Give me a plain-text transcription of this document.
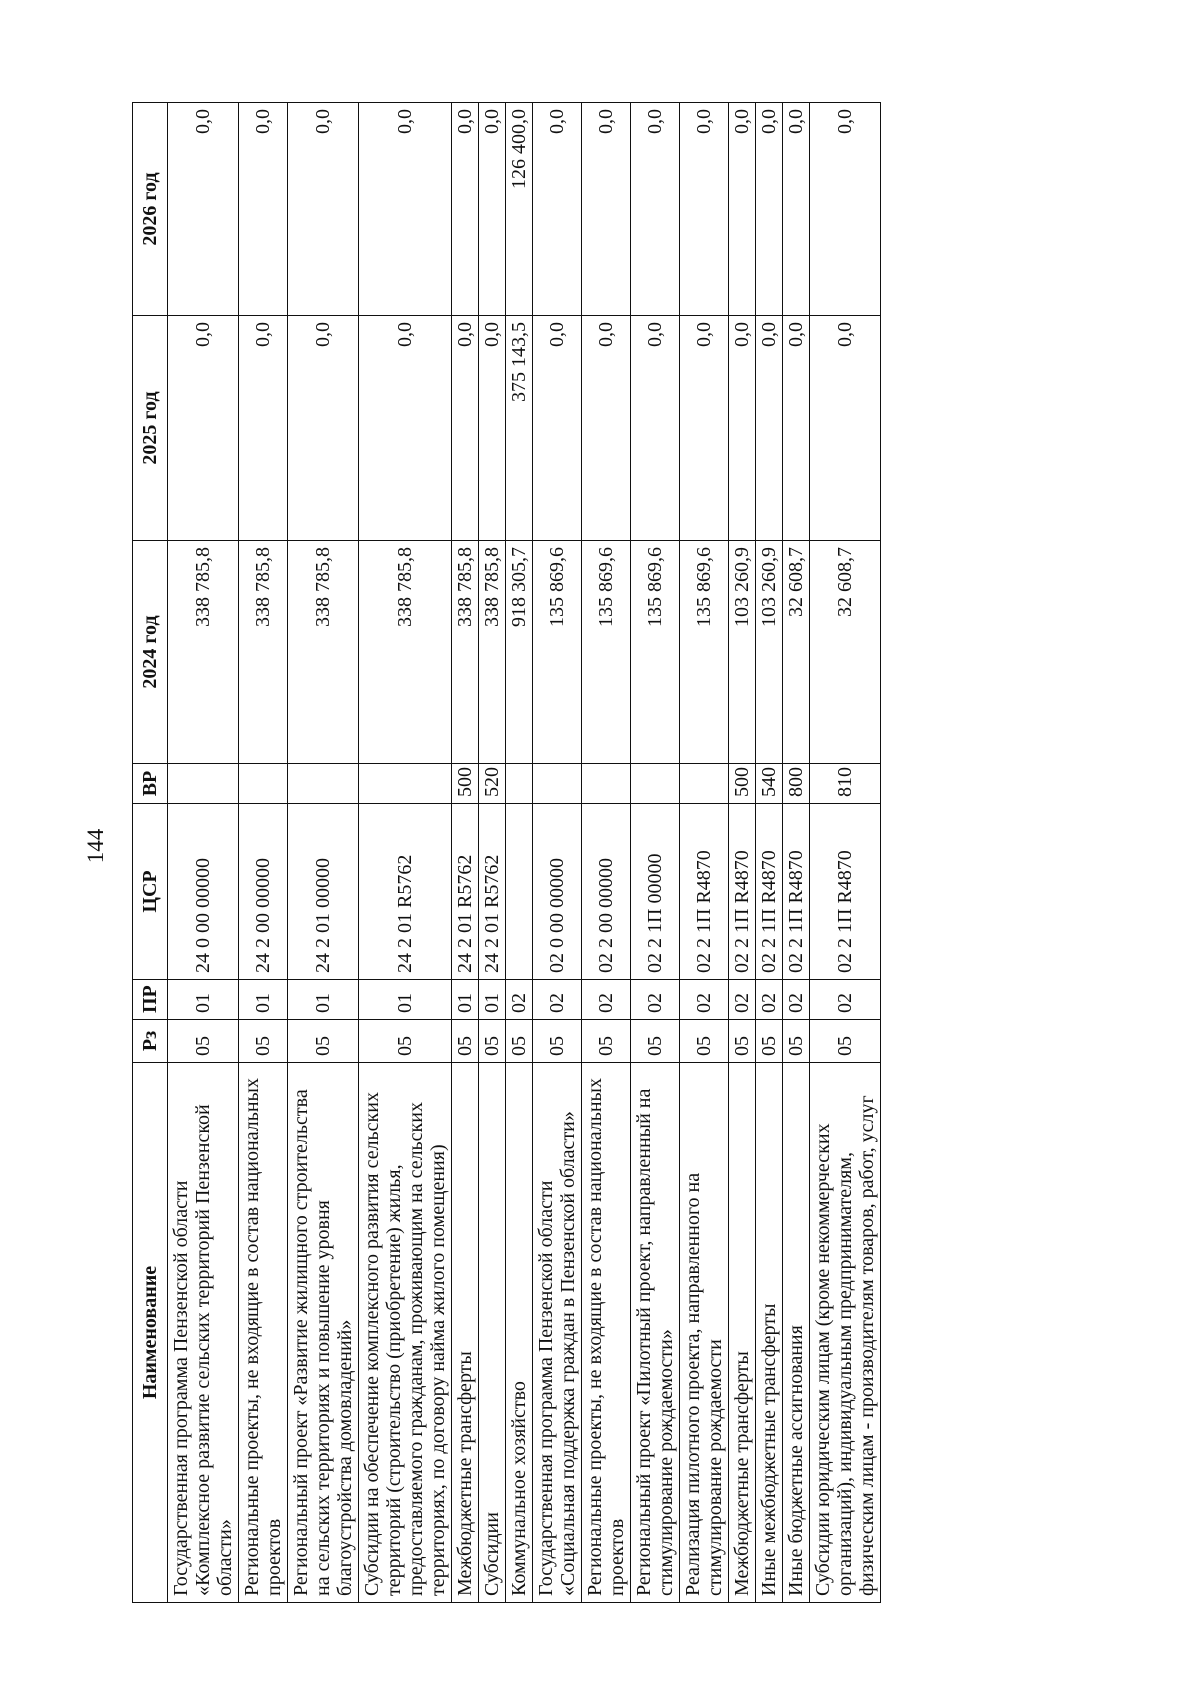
144
Наименование	Рз	ПР	ЦСР	ВР	2024 год	2025 год	2026 год
Государственная программа Пензенской области «Комплексное развитие сельских территорий Пензенской области»	05	01	24 0 00 00000		338 785,8	0,0	0,0
Региональные проекты, не входящие в состав национальных проектов	05	01	24 2 00 00000		338 785,8	0,0	0,0
Региональный проект «Развитие жилищного строительства на сельских территориях и повышение уровня благоустройства домовладений»	05	01	24 2 01 00000		338 785,8	0,0	0,0
Субсидии на обеспечение комплексного развития сельских территорий (строительство (приобретение) жилья, предоставляемого гражданам, проживающим на сельских территориях, по договору найма жилого помещения)	05	01	24 2 01 R5762		338 785,8	0,0	0,0
Межбюджетные трансферты	05	01	24 2 01 R5762	500	338 785,8	0,0	0,0
Субсидии	05	01	24 2 01 R5762	520	338 785,8	0,0	0,0
Коммунальное хозяйство	05	02			918 305,7	375 143,5	126 400,0
Государственная программа Пензенской области «Социальная поддержка граждан в Пензенской области»	05	02	02 0 00 00000		135 869,6	0,0	0,0
Региональные проекты, не входящие в состав национальных проектов	05	02	02 2 00 00000		135 869,6	0,0	0,0
Региональный проект «Пилотный проект, направленный на стимулирование рождаемости»	05	02	02 2 1П 00000		135 869,6	0,0	0,0
Реализация пилотного проекта, направленного на стимулирование рождаемости	05	02	02 2 1П R4870		135 869,6	0,0	0,0
Межбюджетные трансферты	05	02	02 2 1П R4870	500	103 260,9	0,0	0,0
Иные межбюджетные трансферты	05	02	02 2 1П R4870	540	103 260,9	0,0	0,0
Иные бюджетные ассигнования	05	02	02 2 1П R4870	800	32 608,7	0,0	0,0
Субсидии юридическим лицам (кроме некоммерческих организаций), индивидуальным предпринимателям, физическим лицам - производителям товаров, работ, услуг	05	02	02 2 1П R4870	810	32 608,7	0,0	0,0
